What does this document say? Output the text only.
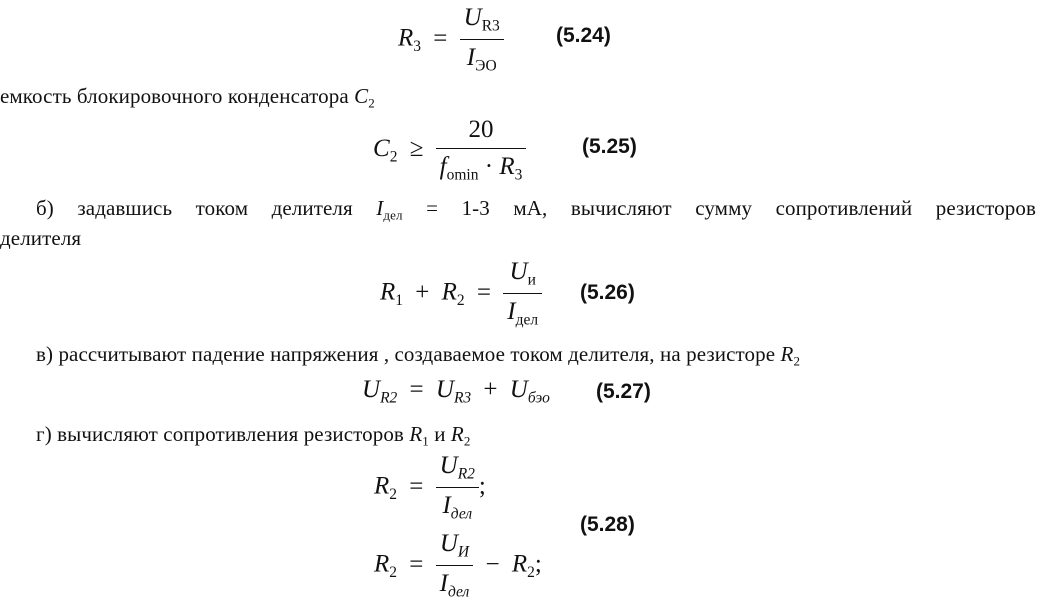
$R_3 = \frac{U_{R3}}{I_{ЭО}} (5.24)$
емкость блокировочного конденсатора $C_2$
$C_2 \ge \frac{20}{f_{omin} \cdot R_3}$	(5.25)
б) задавшись током делителя $I_{дел} = 1-3$ мА, вычисляют сумму сопротивлений резисторов
делителя
$R_1 + R_2 = \frac{U_и}{I_{дел}} (5.26)$
в) рассчитывают падение напряжения , создаваемое током делителя, на резисторе $R_2$
$U_{R2} = U_{R3} + U_{бэо}$ (5.27)
г) вычисляют сопротивления резисторов $R_1$ и $R_2$
$R_2 = \frac{U_{R2}}{I_{дел}}$ ;
$R_2 = \frac{U_И}{I_{дел}} - R_2$;
(5.28)
